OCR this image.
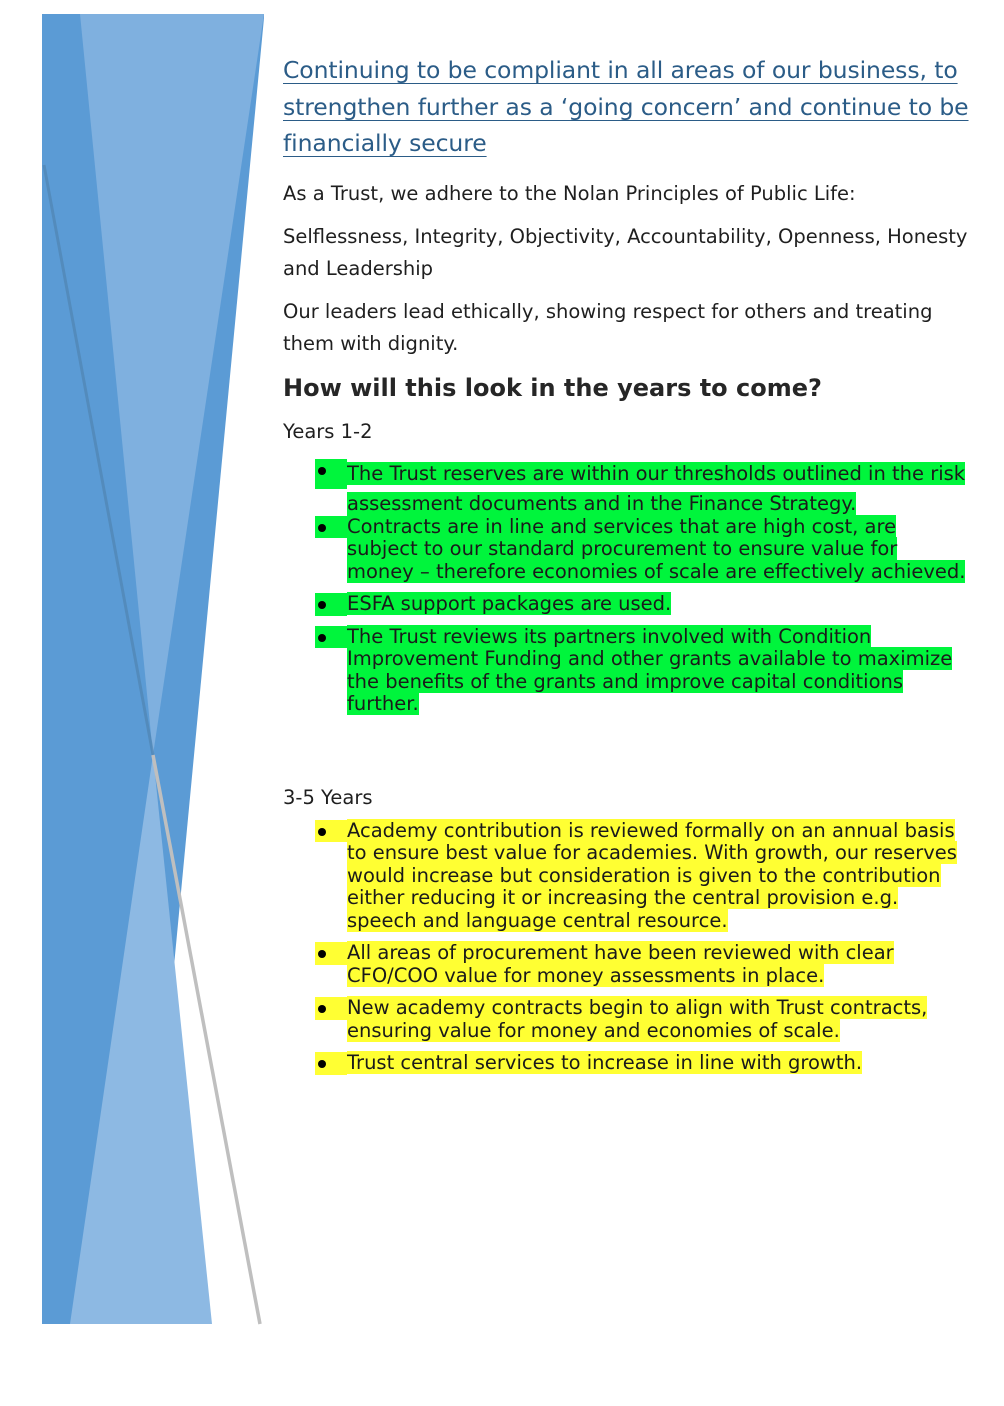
Continuing to be compliant in all areas of our business, to strengthen further as a ‘going concern’ and continue to be financially secure

As a Trust, we adhere to the Nolan Principles of Public Life:

Selflessness, Integrity, Objectivity, Accountability, Openness, Honesty and Leadership

Our leaders lead ethically, showing respect for others and treating them with dignity.

How will this look in the years to come?

Years 1-2

The Trust reserves are within our thresholds outlined in the risk assessment documents and in the Finance Strategy.
Contracts are in line and services that are high cost, are subject to our standard procurement to ensure value for money – therefore economies of scale are effectively achieved.
ESFA support packages are used.
The Trust reviews its partners involved with Condition Improvement Funding and other grants available to maximize the benefits of the grants and improve capital conditions further.

3-5 Years

Academy contribution is reviewed formally on an annual basis to ensure best value for academies. With growth, our reserves would increase but consideration is given to the contribution either reducing it or increasing the central provision e.g. speech and language central resource.
All areas of procurement have been reviewed with clear CFO/COO value for money assessments in place.
New academy contracts begin to align with Trust contracts, ensuring value for money and economies of scale.
Trust central services to increase in line with growth.
